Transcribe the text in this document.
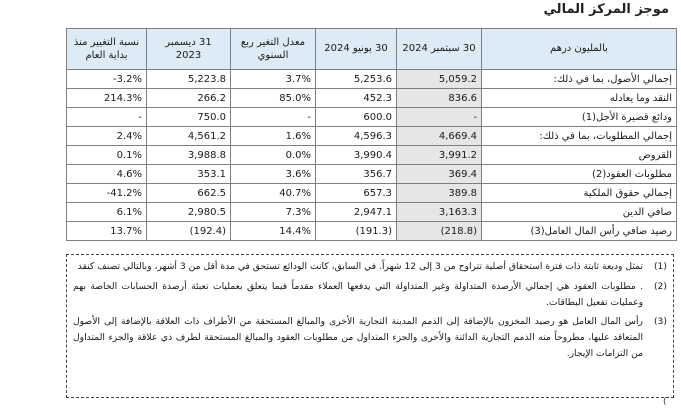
موجز المركز المالي
بالمليون درهم	30 سبتمبر 2024	30 يونيو 2024	معدل التغير ربع السنوي	31 ديسمبر 2023	نسبة التغيير منذ بداية العام
إجمالي الأصول، بما في ذلك:	5,059.2	5,253.6	3.7%	5,223.8	-3.2%
النقد وما يعادله	836.6	452.3	85.0%	266.2	214.3%
ودائع قصيرة الأجل(1)	-	600.0	-	750.0	-
إجمالي المطلوبات، بما في ذلك:	4,669.4	4,596.3	1.6%	4,561.2	2.4%
القروض	3,991.2	3,990.4	0.0%	3,988.8	0.1%
مطلوبات العقود(2)	369.4	356.7	3.6%	353.1	4.6%
إجمالي حقوق الملكية	389.8	657.3	40.7%	662.5	-41.2%
صافي الدين	3,163.3	2,947.1	7.3%	2,980.5	6.1%
رصيد صافي رأس المال العامل(3)	(218.8)	(191.3)	14.4%	(192.4)	13.7%
(1)
تمثل وديعة ثابتة ذات فترة استحقاق أصلية تتراوح من 3 إلى 12 شهراً. في السابق، كانت الودائع تستحق في مدة أقل من 3 أشهر، وبالتالي تصنف كنقد
(2)
. مطلوبات العقود هي إجمالي الأرصدة المتداولة وغير المتداولة التي يدفعها العملاء مقدماً فيما يتعلق بعمليات تعبئة أرصدة الحسابات الخاصة بهم وعمليات تفعيل البطاقات.
(3)
رأس المال العامل هو رصيد المخزون بالإضافة إلى الذمم المدينة التجارية الأخرى والمبالغ المستحقة من الأطراف ذات العلاقة بالإضافة إلى الأصول المتعاقد عليها، مطروحاً منه الذمم التجارية الدائنة والأخرى والجزء المتداول من مطلوبات العقود والمبالغ المستحقة لطرف ذي علاقة والجزء المتداول من التزامات الإيجار.
(
